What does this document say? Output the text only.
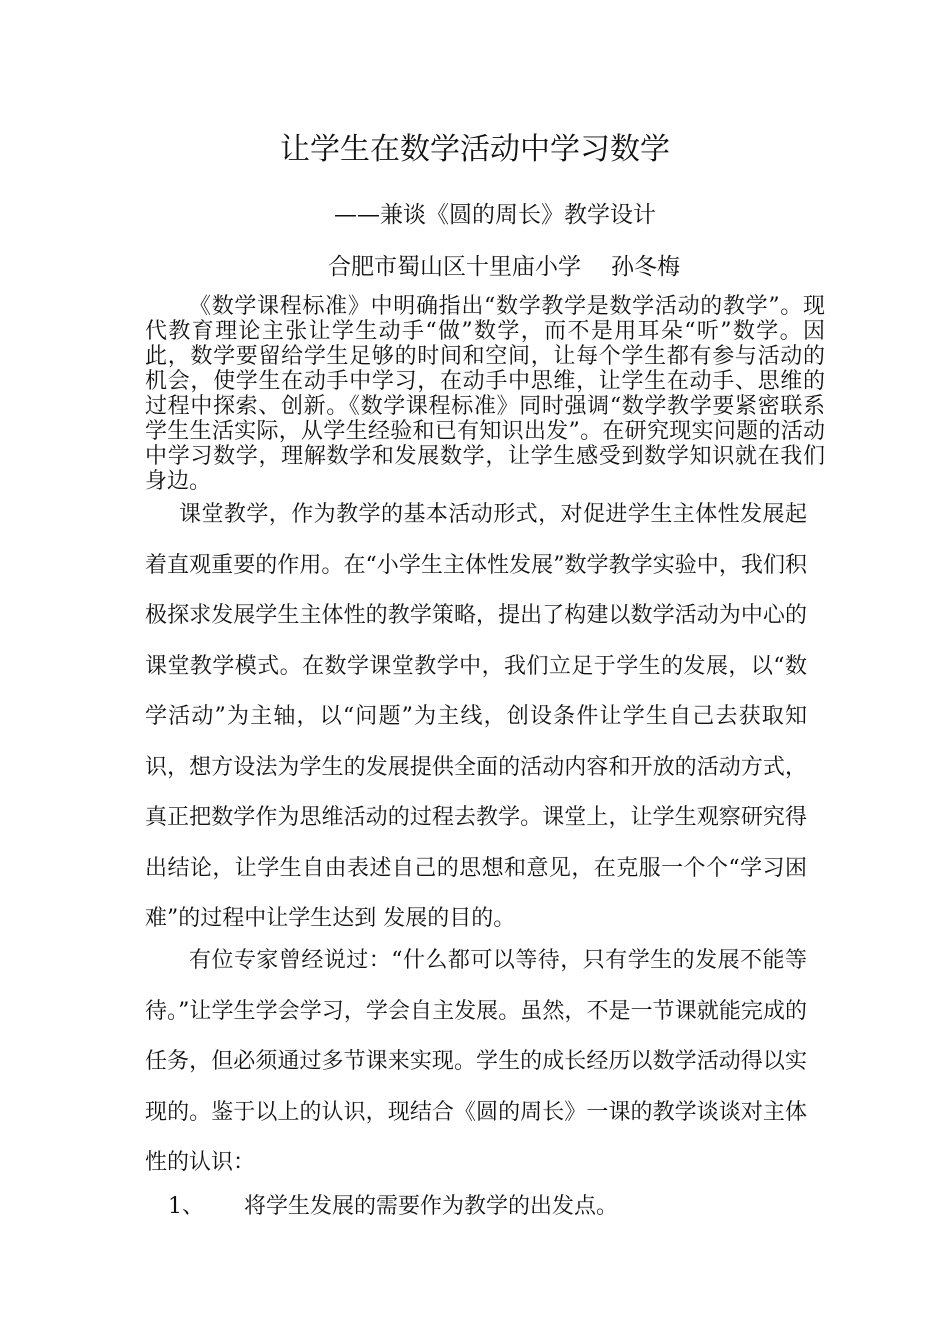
让学生在数学活动中学习数学

——兼谈《圆的周长》教学设计

合肥市蜀山区十里庙小学 孙冬梅

《数学课程标准》中明确指出“数学教学是数学活动的教学”。现代教育理论主张让学生动手“做”数学，而不是用耳朵“听”数学。因此，数学要留给学生足够的时间和空间，让每个学生都有参与活动的机会，使学生在动手中学习，在动手中思维，让学生在动手、思维的过程中探索、创新。《数学课程标准》同时强调“数学教学要紧密联系学生生活实际，从学生经验和已有知识出发”。在研究现实问题的活动中学习数学，理解数学和发展数学，让学生感受到数学知识就在我们身边。

课堂教学，作为教学的基本活动形式，对促进学生主体性发展起着直观重要的作用。在“小学生主体性发展”数学教学实验中，我们积极探求发展学生主体性的教学策略，提出了构建以数学活动为中心的课堂教学模式。在数学课堂教学中，我们立足于学生的发展，以“数学活动”为主轴，以“问题”为主线，创设条件让学生自己去获取知识，想方设法为学生的发展提供全面的活动内容和开放的活动方式，真正把数学作为思维活动的过程去教学。课堂上，让学生观察研究得出结论，让学生自由表述自己的思想和意见，在克服一个个“学习困难”的过程中让学生达到 发展的目的。

有位专家曾经说过：“什么都可以等待，只有学生的发展不能等待。”让学生学会学习，学会自主发展。虽然，不是一节课就能完成的任务，但必须通过多节课来实现。学生的成长经历以数学活动得以实现的。鉴于以上的认识，现结合《圆的周长》一课的教学谈谈对主体性的认识：

1、 将学生发展的需要作为教学的出发点。
